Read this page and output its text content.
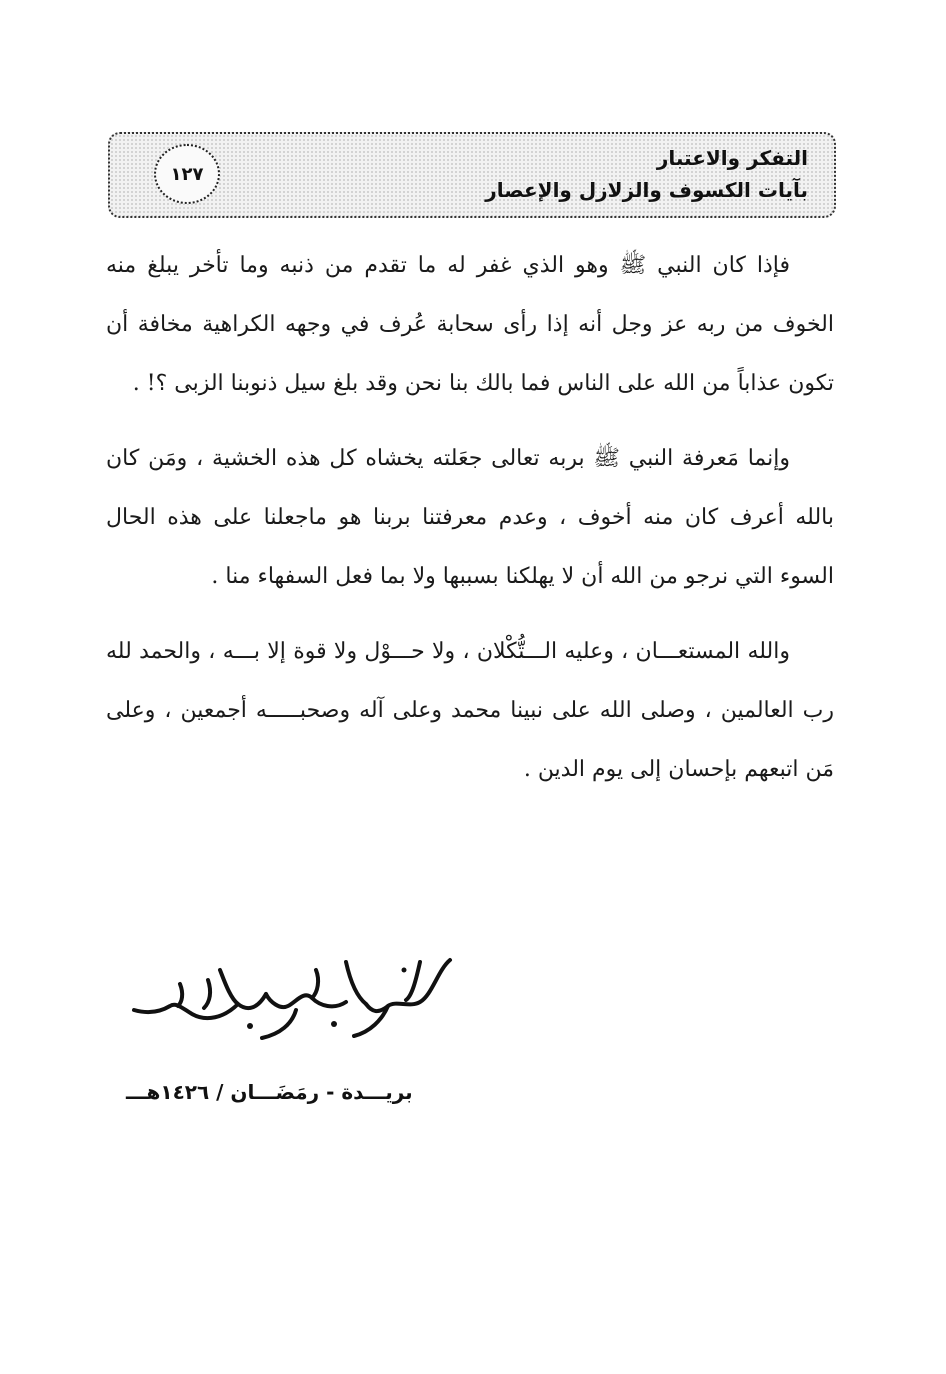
التفكر والاعتبار
بآيات الكسوف والزلازل والإعصار
١٢٧

فإذا كان النبي ﷺ وهو الذي غفر له ما تقدم من ذنبه وما تأخر يبلغ منه الخوف من ربه عز وجل أنه إذا رأى سحابة عُرف في وجهه الكراهية مخافة أن تكون عذاباً من الله على الناس فما بالك بنا نحن وقد بلغ سيل ذنوبنا الزبى ؟! .

وإنما مَعرفة النبي ﷺ بربه تعالى جعَلته يخشاه كل هذه الخشية ، ومَن كان بالله أعرف كان منه أخوف ، وعدم معرفتنا بربنا هو ماجعلنا على هذه الحال السوء التي نرجو من الله أن لا يهلكنا بسببها ولا بما فعل السفهاء منا .

والله المستعـــان ، وعليه الـــتُّكْلان ، ولا حـــوْل ولا قوة إلا بـــه ، والحمد لله رب العالمين ، وصلى الله على نبينا محمد وعلى آله وصحبـــــه أجمعين ، وعلى مَن اتبعهم بإحسان إلى يوم الدين .

بريـــدة - رمَضَـــان / ١٤٢٦هـــ
